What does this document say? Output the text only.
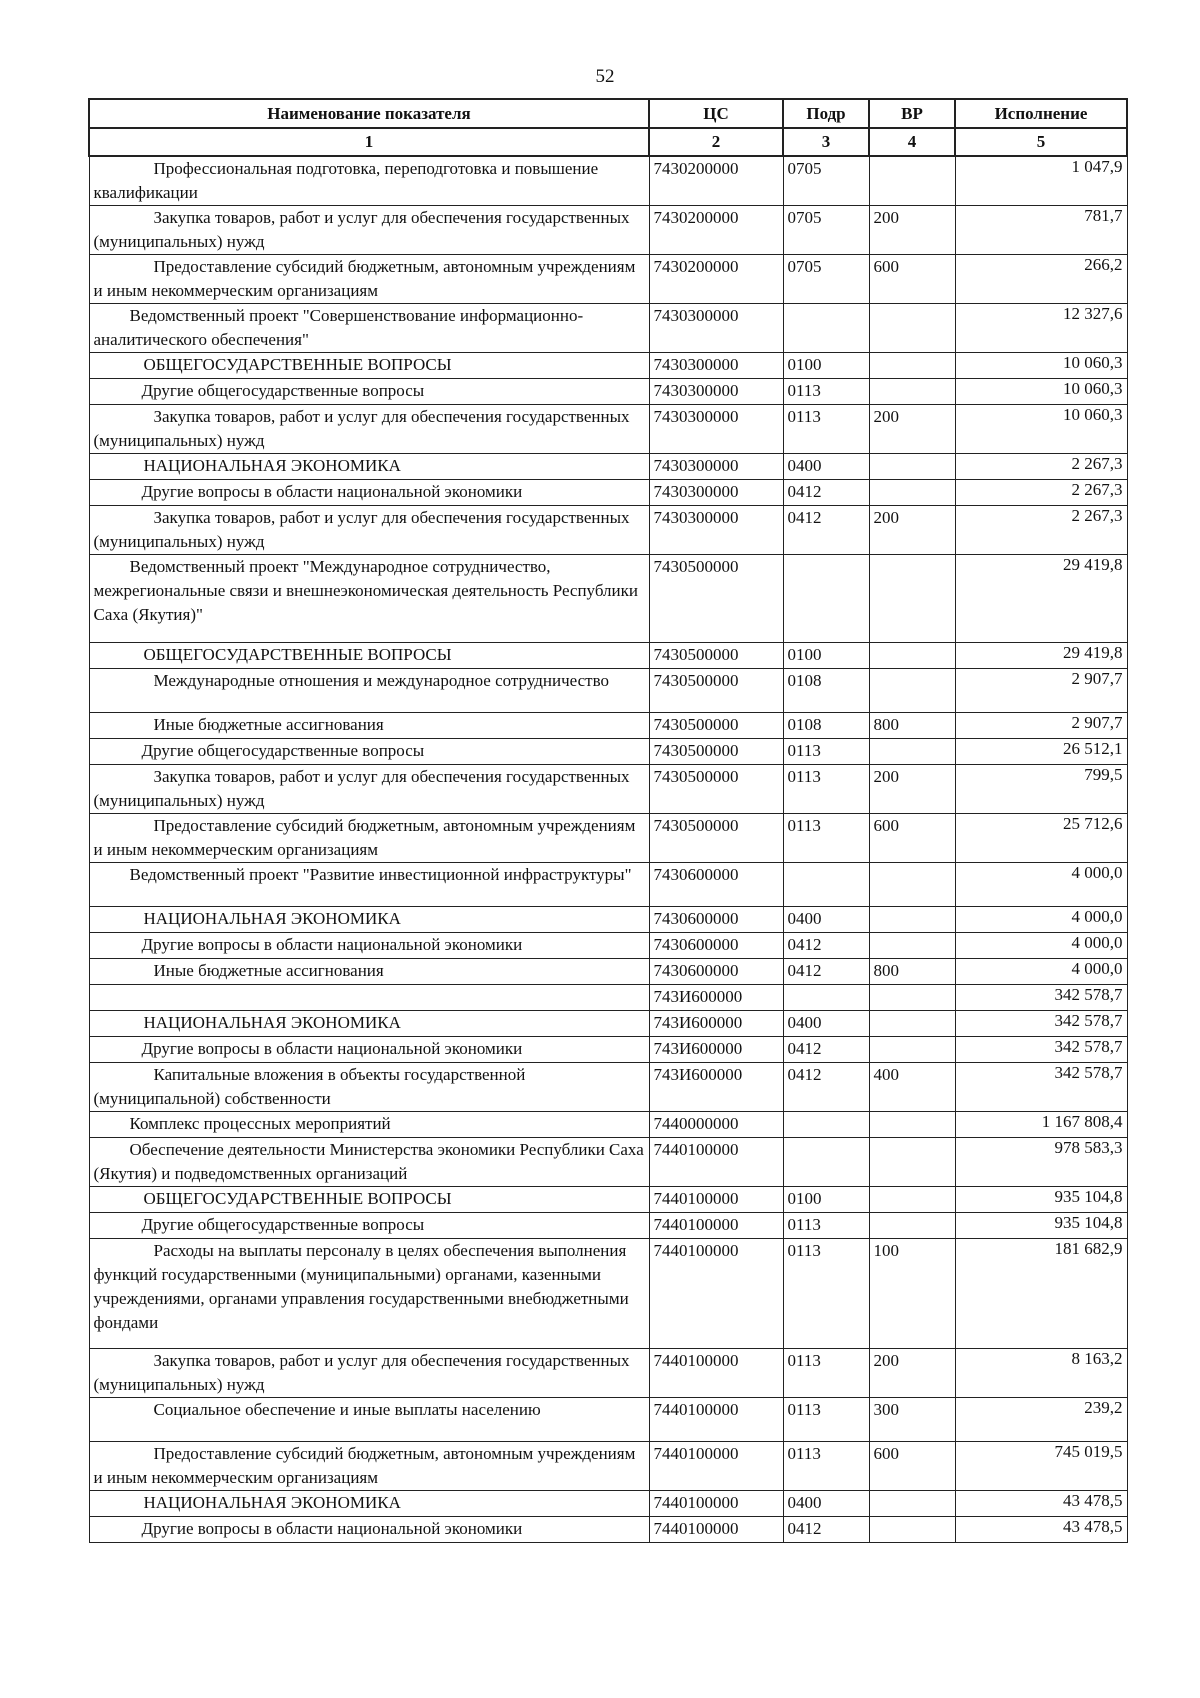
52
Наименование показателя	ЦС	Подр	ВР	Исполнение
1	2	3	4	5
Профессиональная подготовка, переподготовка и повышение квалификации	7430200000	0705		1 047,9
Закупка товаров, работ и услуг для обеспечения государственных (муниципальных) нужд	7430200000	0705	200	781,7
Предоставление субсидий бюджетным, автономным учреждениям и иным некоммерческим организациям	7430200000	0705	600	266,2
Ведомственный проект "Совершенствование информационно-аналитического обеспечения"	7430300000			12 327,6
ОБЩЕГОСУДАРСТВЕННЫЕ ВОПРОСЫ	7430300000	0100		10 060,3
Другие общегосударственные вопросы	7430300000	0113		10 060,3
Закупка товаров, работ и услуг для обеспечения государственных (муниципальных) нужд	7430300000	0113	200	10 060,3
НАЦИОНАЛЬНАЯ ЭКОНОМИКА	7430300000	0400		2 267,3
Другие вопросы в области национальной экономики	7430300000	0412		2 267,3
Закупка товаров, работ и услуг для обеспечения государственных (муниципальных) нужд	7430300000	0412	200	2 267,3
Ведомственный проект "Международное сотрудничество, межрегиональные связи и внешнеэкономическая деятельность Республики Саха (Якутия)"	7430500000			29 419,8
ОБЩЕГОСУДАРСТВЕННЫЕ ВОПРОСЫ	7430500000	0100		29 419,8
Международные отношения и международное сотрудничество	7430500000	0108		2 907,7
Иные бюджетные ассигнования	7430500000	0108	800	2 907,7
Другие общегосударственные вопросы	7430500000	0113		26 512,1
Закупка товаров, работ и услуг для обеспечения государственных (муниципальных) нужд	7430500000	0113	200	799,5
Предоставление субсидий бюджетным, автономным учреждениям и иным некоммерческим организациям	7430500000	0113	600	25 712,6
Ведомственный проект "Развитие инвестиционной инфраструктуры"	7430600000			4 000,0
НАЦИОНАЛЬНАЯ ЭКОНОМИКА	7430600000	0400		4 000,0
Другие вопросы в области национальной экономики	7430600000	0412		4 000,0
Иные бюджетные ассигнования	7430600000	0412	800	4 000,0
	743И600000			342 578,7
НАЦИОНАЛЬНАЯ ЭКОНОМИКА	743И600000	0400		342 578,7
Другие вопросы в области национальной экономики	743И600000	0412		342 578,7
Капитальные вложения в объекты государственной (муниципальной) собственности	743И600000	0412	400	342 578,7
Комплекс процессных мероприятий	7440000000			1 167 808,4
Обеспечение деятельности Министерства экономики Республики Саха (Якутия) и подведомственных организаций	7440100000			978 583,3
ОБЩЕГОСУДАРСТВЕННЫЕ ВОПРОСЫ	7440100000	0100		935 104,8
Другие общегосударственные вопросы	7440100000	0113		935 104,8
Расходы на выплаты персоналу в целях обеспечения выполнения функций государственными (муниципальными) органами, казенными учреждениями, органами управления государственными внебюджетными фондами	7440100000	0113	100	181 682,9
Закупка товаров, работ и услуг для обеспечения государственных (муниципальных) нужд	7440100000	0113	200	8 163,2
Социальное обеспечение и иные выплаты населению	7440100000	0113	300	239,2
Предоставление субсидий бюджетным, автономным учреждениям и иным некоммерческим организациям	7440100000	0113	600	745 019,5
НАЦИОНАЛЬНАЯ ЭКОНОМИКА	7440100000	0400		43 478,5
Другие вопросы в области национальной экономики	7440100000	0412		43 478,5
